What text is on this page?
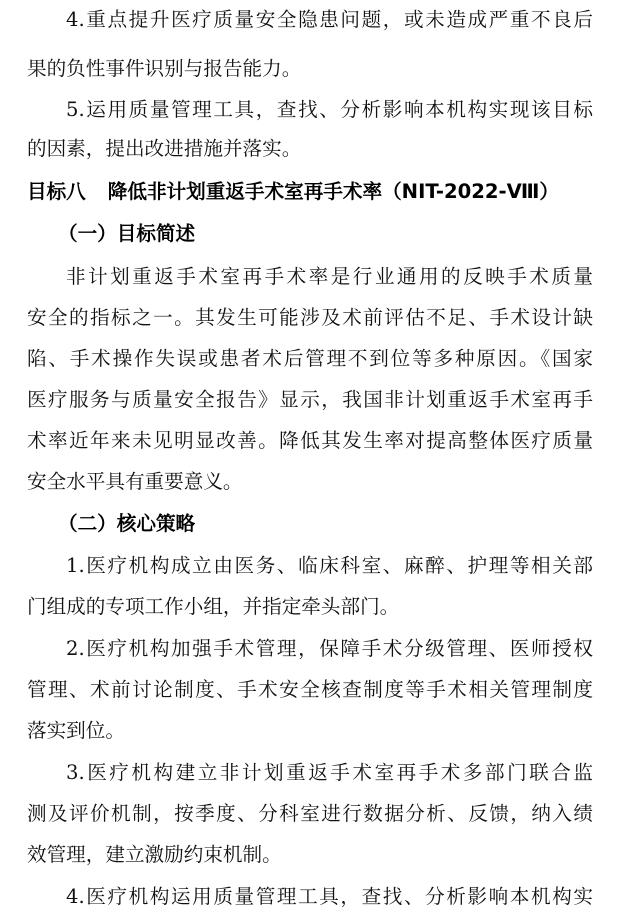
4.重点提升医疗质量安全隐患问题，或未造成严重不良后
果的负性事件识别与报告能力。
5.运用质量管理工具，查找、分析影响本机构实现该目标
的因素，提出改进措施并落实。
目标八 降低非计划重返手术室再手术率（NIT-2022-Ⅷ）
（一）目标简述
非计划重返手术室再手术率是行业通用的反映手术质量
安全的指标之一。其发生可能涉及术前评估不足、手术设计缺
陷、手术操作失误或患者术后管理不到位等多种原因。《国家
医疗服务与质量安全报告》显示，我国非计划重返手术室再手
术率近年来未见明显改善。降低其发生率对提高整体医疗质量
安全水平具有重要意义。
（二）核心策略
1.医疗机构成立由医务、临床科室、麻醉、护理等相关部
门组成的专项工作小组，并指定牵头部门。
2.医疗机构加强手术管理，保障手术分级管理、医师授权
管理、术前讨论制度、手术安全核查制度等手术相关管理制度
落实到位。
3.医疗机构建立非计划重返手术室再手术多部门联合监
测及评价机制，按季度、分科室进行数据分析、反馈，纳入绩
效管理，建立激励约束机制。
4.医疗机构运用质量管理工具，查找、分析影响本机构实
